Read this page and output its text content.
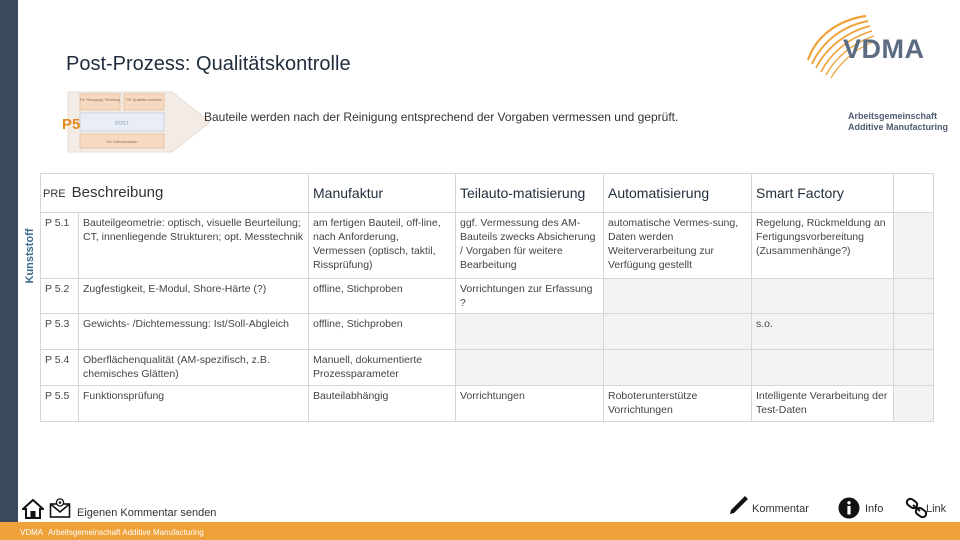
Post-Prozess: Qualitätskontrolle
P4: Reinigung / Richtung P6: Qualitäts-kontrolle
POST
D4: Dokumentation
P5	Bauteile werden nach der Reinigung entsprechend der Vorgaben vermessen und geprüft.
VDMA
Arbeitsgemeinschaft
Additive Manufacturing
Kunststoff
PRE Beschreibung		Manufaktur	Teilauto-matisierung	Automatisierung	Smart Factory	
P 5.1	Bauteilgeometrie: optisch, visuelle Beurteilung; CT, innenliegende Strukturen; opt. Messtechnik	am fertigen Bauteil, off-line, nach Anforderung, Vermessen (optisch, taktil, Rissprüfung)	ggf. Vermessung des AM-Bauteils zwecks Absicherung / Vorgaben für weitere Bearbeitung	automatische Vermes-sung, Daten werden Weiterverarbeitung zur Verfügung gestellt	Regelung, Rückmeldung an Fertigungsvorbereitung (Zusammenhänge?)	
P 5.2	Zugfestigkeit, E-Modul, Shore-Härte (?)	offline, Stichproben	Vorrichtungen zur Erfassung ?			
P 5.3	Gewichts- /Dichtemessung: Ist/Soll-Abgleich	offline, Stichproben			s.o.	
P 5.4	Oberflächenqualität (AM-spezifisch, z.B. chemisches Glätten)	Manuell, dokumentierte Prozessparameter				
P 5.5	Funktionsprüfung	Bauteilabhängig	Vorrichtungen	Roboterunterstütze Vorrichtungen	Intelligente Verarbeitung der Test-Daten	
Eigenen Kommentar senden	Kommentar	Info	Link
VDMA Arbeitsgemeinschaft Additive Manufacturing
